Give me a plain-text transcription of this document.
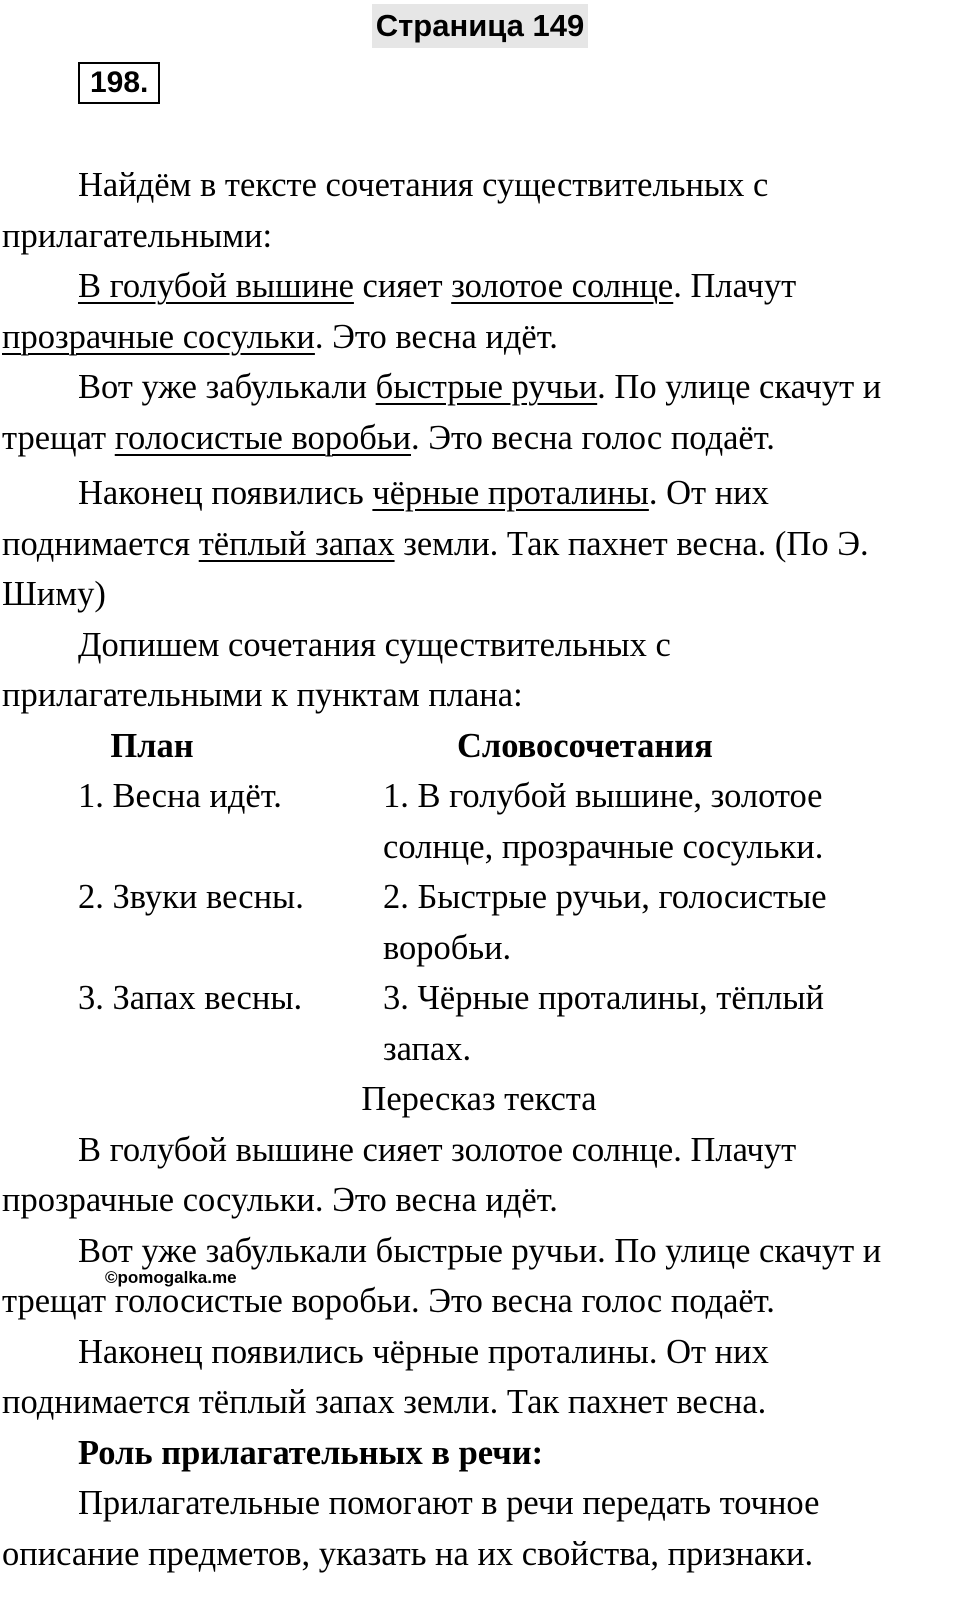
Страница 149
198.

Найдём в тексте сочетания существительных с прилагательными:

В голубой вышине сияет золотое солнце. Плачут прозрачные сосульки. Это весна идёт.

Вот уже забулькали быстрые ручьи. По улице скачут и трещат голосистые воробьи. Это весна голос подаёт.

Наконец появились чёрные проталины. От них поднимается тёплый запах земли. Так пахнет весна. (По Э. Шиму)

Допишем сочетания существительных с прилагательными к пунктам плана:

План	Словосочетания
1. Весна идёт.	1. В голубой вышине, золотое солнце, прозрачные сосульки.
2. Звуки весны.	2. Быстрые ручьи, голосистые воробьи.
3. Запах весны.	3. Чёрные проталины, тёплый запах.

Пересказ текста

В голубой вышине сияет золотое солнце. Плачут прозрачные сосульки. Это весна идёт.

Вот уже забулькали быстрые ручьи. По улице скачут и трещат голосистые воробьи. Это весна голос подаёт.

Наконец появились чёрные проталины. От них поднимается тёплый запах земли. Так пахнет весна.

Роль прилагательных в речи:

Прилагательные помогают в речи передать точное описание предметов, указать на их свойства, признаки.

©pomogalka.me
